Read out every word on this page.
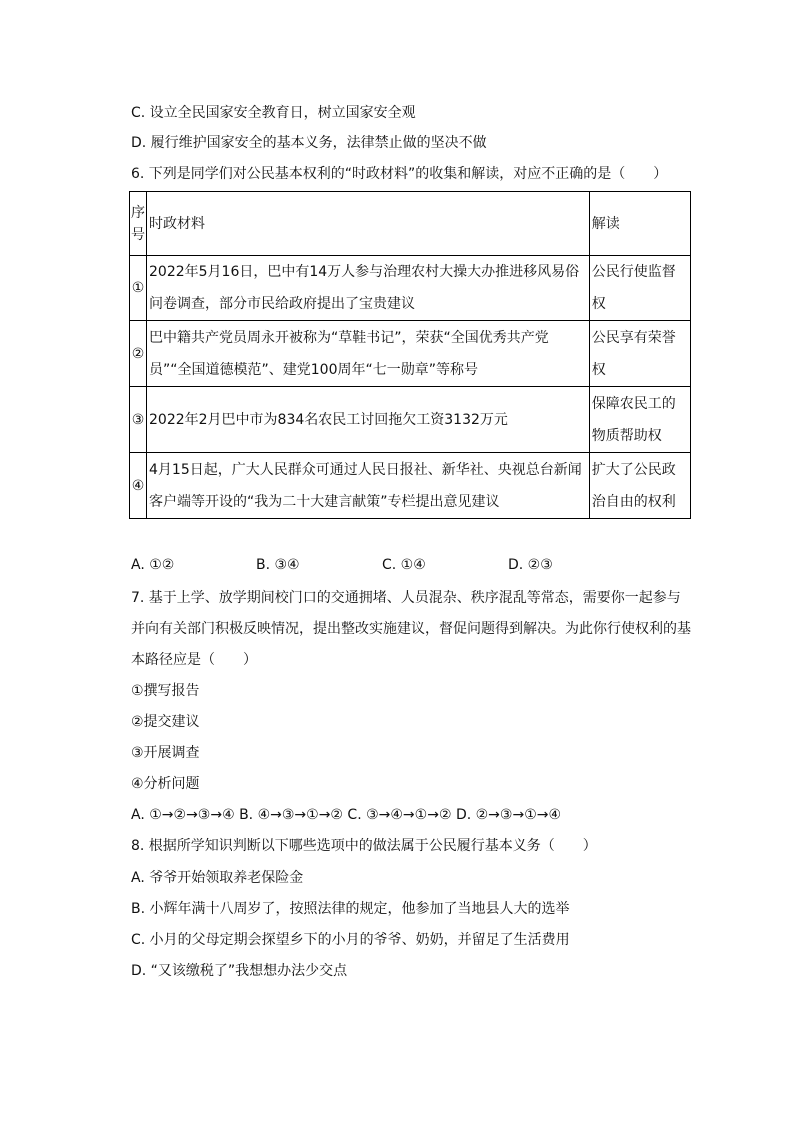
C. 设立全民国家安全教育日，树立国家安全观
D. 履行维护国家安全的基本义务，法律禁止做的坚决不做
6. 下列是同学们对公民基本权利的“时政材料”的收集和解读，对应不正确的是（　　）
序号	时政材料	解读
①	2022年5月16日，巴中有14万人参与治理农村大操大办推进移风易俗问卷调查，部分市民给政府提出了宝贵建议	公民行使监督权
②	巴中籍共产党员周永开被称为“草鞋书记”，荣获“全国优秀共产党员”“全国道德模范”、建党100周年“七一勋章”等称号	公民享有荣誉权
③	2022年2月巴中市为834名农民工讨回拖欠工资3132万元	保障农民工的物质帮助权
④	4月15日起，广大人民群众可通过人民日报社、新华社、央视总台新闻客户端等开设的“我为二十大建言献策”专栏提出意见建议	扩大了公民政治自由的权利
A. ①②	B. ③④	C. ①④	D. ②③
7. 基于上学、放学期间校门口的交通拥堵、人员混杂、秩序混乱等常态，需要你一起参与
并向有关部门积极反映情况，提出整改实施建议，督促问题得到解决。为此你行使权利的基
本路径应是（　　）
①撰写报告
②提交建议
③开展调查
④分析问题
A. ①→②→③→④ B. ④→③→①→② C. ③→④→①→② D. ②→③→①→④
8. 根据所学知识判断以下哪些选项中的做法属于公民履行基本义务（　　）
A. 爷爷开始领取养老保险金
B. 小辉年满十八周岁了，按照法律的规定，他参加了当地县人大的选举
C. 小月的父母定期会探望乡下的小月的爷爷、奶奶，并留足了生活费用
D. “又该缴税了”我想想办法少交点
